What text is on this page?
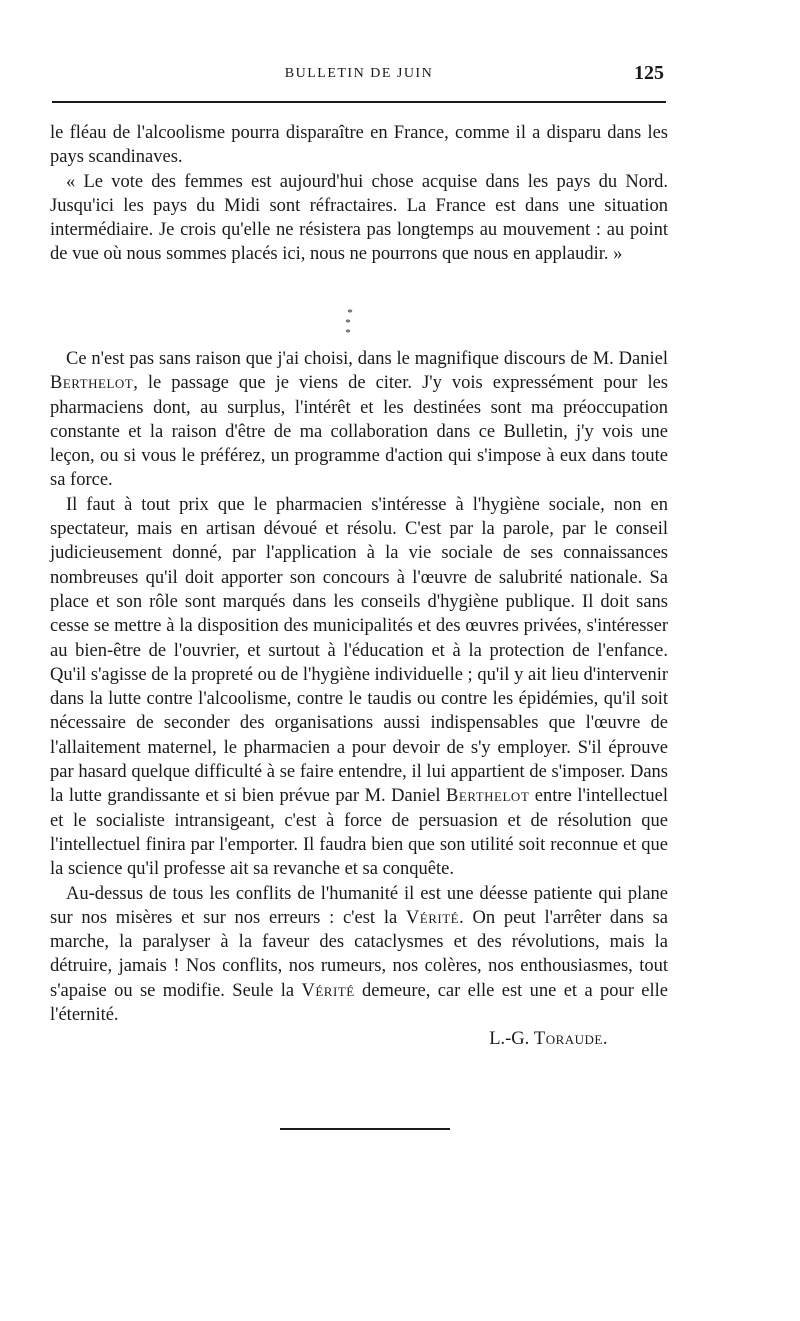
BULLETIN DE JUIN	125

le fléau de l'alcoolisme pourra disparaître en France, comme il a disparu dans les pays scandinaves.

« Le vote des femmes est aujourd'hui chose acquise dans les pays du Nord. Jusqu'ici les pays du Midi sont réfractaires. La France est dans une situation intermédiaire. Je crois qu'elle ne résistera pas longtemps au mouvement : au point de vue où nous sommes placés ici, nous ne pourrons que nous en applaudir. »

*
* *

Ce n'est pas sans raison que j'ai choisi, dans le magnifique discours de M. Daniel Berthelot, le passage que je viens de citer. J'y vois expressément pour les pharmaciens dont, au surplus, l'intérêt et les destinées sont ma préoccupation constante et la raison d'être de ma collaboration dans ce Bulletin, j'y vois une leçon, ou si vous le préférez, un programme d'action qui s'impose à eux dans toute sa force.

Il faut à tout prix que le pharmacien s'intéresse à l'hygiène sociale, non en spectateur, mais en artisan dévoué et résolu. C'est par la parole, par le conseil judicieusement donné, par l'application à la vie sociale de ses connaissances nombreuses qu'il doit apporter son concours à l'œuvre de salubrité nationale. Sa place et son rôle sont marqués dans les conseils d'hygiène publique. Il doit sans cesse se mettre à la disposition des municipalités et des œuvres privées, s'intéresser au bien-être de l'ouvrier, et surtout à l'éducation et à la protection de l'enfance. Qu'il s'agisse de la propreté ou de l'hygiène individuelle ; qu'il y ait lieu d'intervenir dans la lutte contre l'alcoolisme, contre le taudis ou contre les épidémies, qu'il soit nécessaire de seconder des organisations aussi indispensables que l'œuvre de l'allaitement maternel, le pharmacien a pour devoir de s'y employer. S'il éprouve par hasard quelque difficulté à se faire entendre, il lui appartient de s'imposer. Dans la lutte grandissante et si bien prévue par M. Daniel Berthelot entre l'intellectuel et le socialiste intransigeant, c'est à force de persuasion et de résolution que l'intellectuel finira par l'emporter. Il faudra bien que son utilité soit reconnue et que la science qu'il professe ait sa revanche et sa conquête.

Au-dessus de tous les conflits de l'humanité il est une déesse patiente qui plane sur nos misères et sur nos erreurs : c'est la Vérité. On peut l'arrêter dans sa marche, la paralyser à la faveur des cataclysmes et des révolutions, mais la détruire, jamais ! Nos conflits, nos rumeurs, nos colères, nos enthousiasmes, tout s'apaise ou se modifie. Seule la Vérité demeure, car elle est une et a pour elle l'éternité.

L.-G. Toraude.
